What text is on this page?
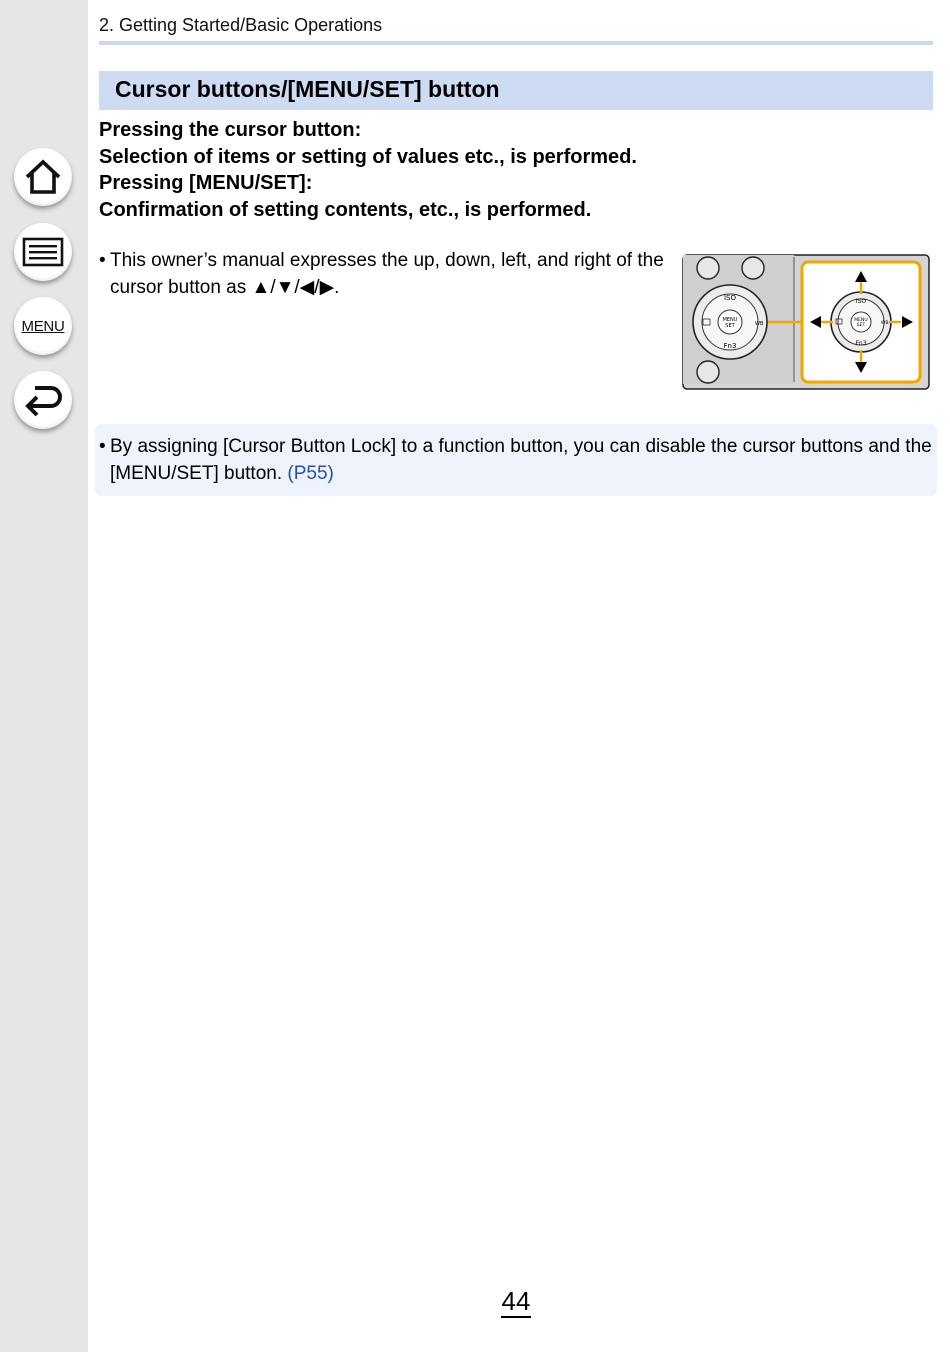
MENU
2. Getting Started/Basic Operations
Cursor buttons/[MENU/SET] button
Pressing the cursor button:
Selection of items or setting of values etc., is performed.
Pressing [MENU/SET]:
Confirmation of setting contents, etc., is performed.
• This owner’s manual expresses the up, down, left, and right of the cursor button as ▲/▼/◀/▶.
ISO
Fn3
MENU
SET	WB
ISO
Fn3
MENU
SET	WB
• By assigning [Cursor Button Lock] to a function button, you can disable the cursor buttons and the [MENU/SET] button. (P55)
44
